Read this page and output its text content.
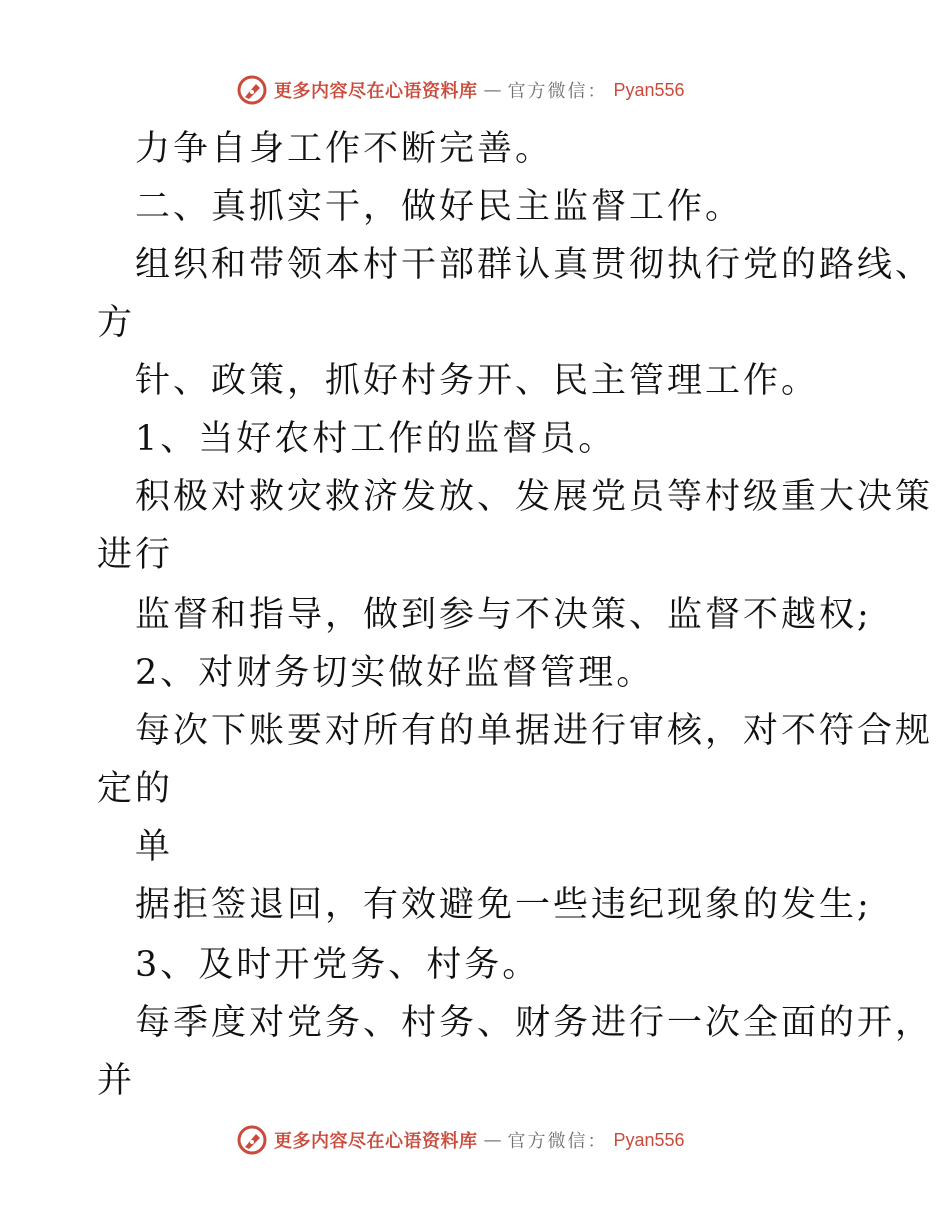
更多内容尽在心语资料库 — 官方微信： Pyan556
力争自身工作不断完善。
二、真抓实干，做好民主监督工作。
组织和带领本村干部群认真贯彻执行党的路线、
方
针、政策，抓好村务开、民主管理工作。
1、当好农村工作的监督员。
积极对救灾救济发放、发展党员等村级重大决策
进行
监督和指导，做到参与不决策、监督不越权;
2、对财务切实做好监督管理。
每次下账要对所有的单据进行审核，对不符合规
定的
单
据拒签退回，有效避免一些违纪现象的发生;
3、及时开党务、村务。
每季度对党务、村务、财务进行一次全面的开，
并
更多内容尽在心语资料库 — 官方微信： Pyan556
